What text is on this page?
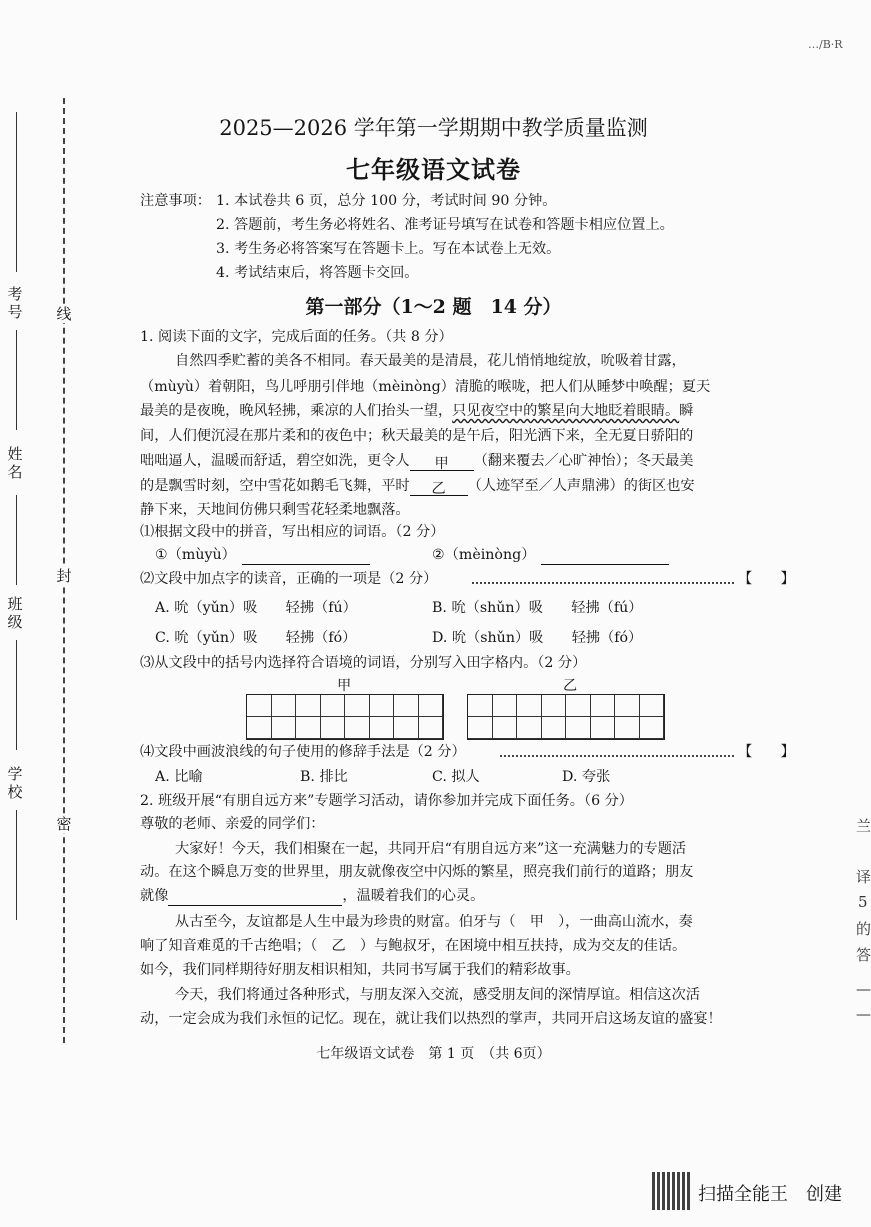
…/B·R
考号
姓名
班级
学校
线
封
密
2025—2026 学年第一学期期中教学质量监测
七年级语文试卷
注意事项： 1. 本试卷共 6 页，总分 100 分，考试时间 90 分钟。
2. 答题前，考生务必将姓名、准考证号填写在试卷和答题卡相应位置上。
3. 考生务必将答案写在答题卡上。写在本试卷上无效。
4. 考试结束后，将答题卡交回。
第一部分（1～2 题　14 分）
1. 阅读下面的文字，完成后面的任务。（共 8 分）
自然四季贮蓄的美各不相同。春天最美的是清晨，花儿悄悄地绽放，吮吸着甘露，
（mùyù）着朝阳，鸟儿呼朋引伴地（mèinòng）清脆的喉咙，把人们从睡梦中唤醒；夏天
最美的是夜晚，晚风轻拂，乘凉的人们抬头一望，只见夜空中的繁星向大地眨着眼睛。瞬
间，人们便沉浸在那片柔和的夜色中；秋天最美的是午后，阳光洒下来，全无夏日骄阳的
咄咄逼人，温暖而舒适，碧空如洗，更令人 甲 （翻来覆去／心旷神怡）；冬天最美
的是飘雪时刻，空中雪花如鹅毛飞舞，平时 乙 （人迹罕至／人声鼎沸）的街区也安
静下来，天地间仿佛只剩雪花轻柔地飘落。
⑴根据文段中的拼音，写出相应的词语。（2 分）
①（mùyù）	②（mèinòng）
⑵文段中加点字的读音，正确的一项是（2 分）	【　　】
A. 吮（yǔn）吸　　轻拂（fú）	B. 吮（shǔn）吸　　轻拂（fú）
C. 吮（yǔn）吸　　轻拂（fó）	D. 吮（shǔn）吸　　轻拂（fó）
⑶从文段中的括号内选择符合语境的词语，分别写入田字格内。（2 分）
甲	乙
⑷文段中画波浪线的句子使用的修辞手法是（2 分）	【　　】
A. 比喻	B. 排比	C. 拟人	D. 夸张
2. 班级开展“有朋自远方来”专题学习活动，请你参加并完成下面任务。（6 分）
尊敬的老师、亲爱的同学们：
大家好！今天，我们相聚在一起，共同开启“有朋自远方来”这一充满魅力的专题活
动。在这个瞬息万变的世界里，朋友就像夜空中闪烁的繁星，照亮我们前行的道路；朋友
就像	，温暖着我们的心灵。
从古至今，友谊都是人生中最为珍贵的财富。伯牙与（　甲　），一曲高山流水，奏
响了知音难觅的千古绝唱；（　乙　）与鲍叔牙，在困境中相互扶持，成为交友的佳话。
如今，我们同样期待好朋友相识相知，共同书写属于我们的精彩故事。
今天，我们将通过各种形式，与朋友深入交流，感受朋友间的深情厚谊。相信这次活
动，一定会成为我们永恒的记忆。现在，就让我们以热烈的掌声，共同开启这场友谊的盛宴！
七年级语文试卷　第 1 页　（共 6页）
兰
译
5
的
答
—
—
扫描全能王　创建
